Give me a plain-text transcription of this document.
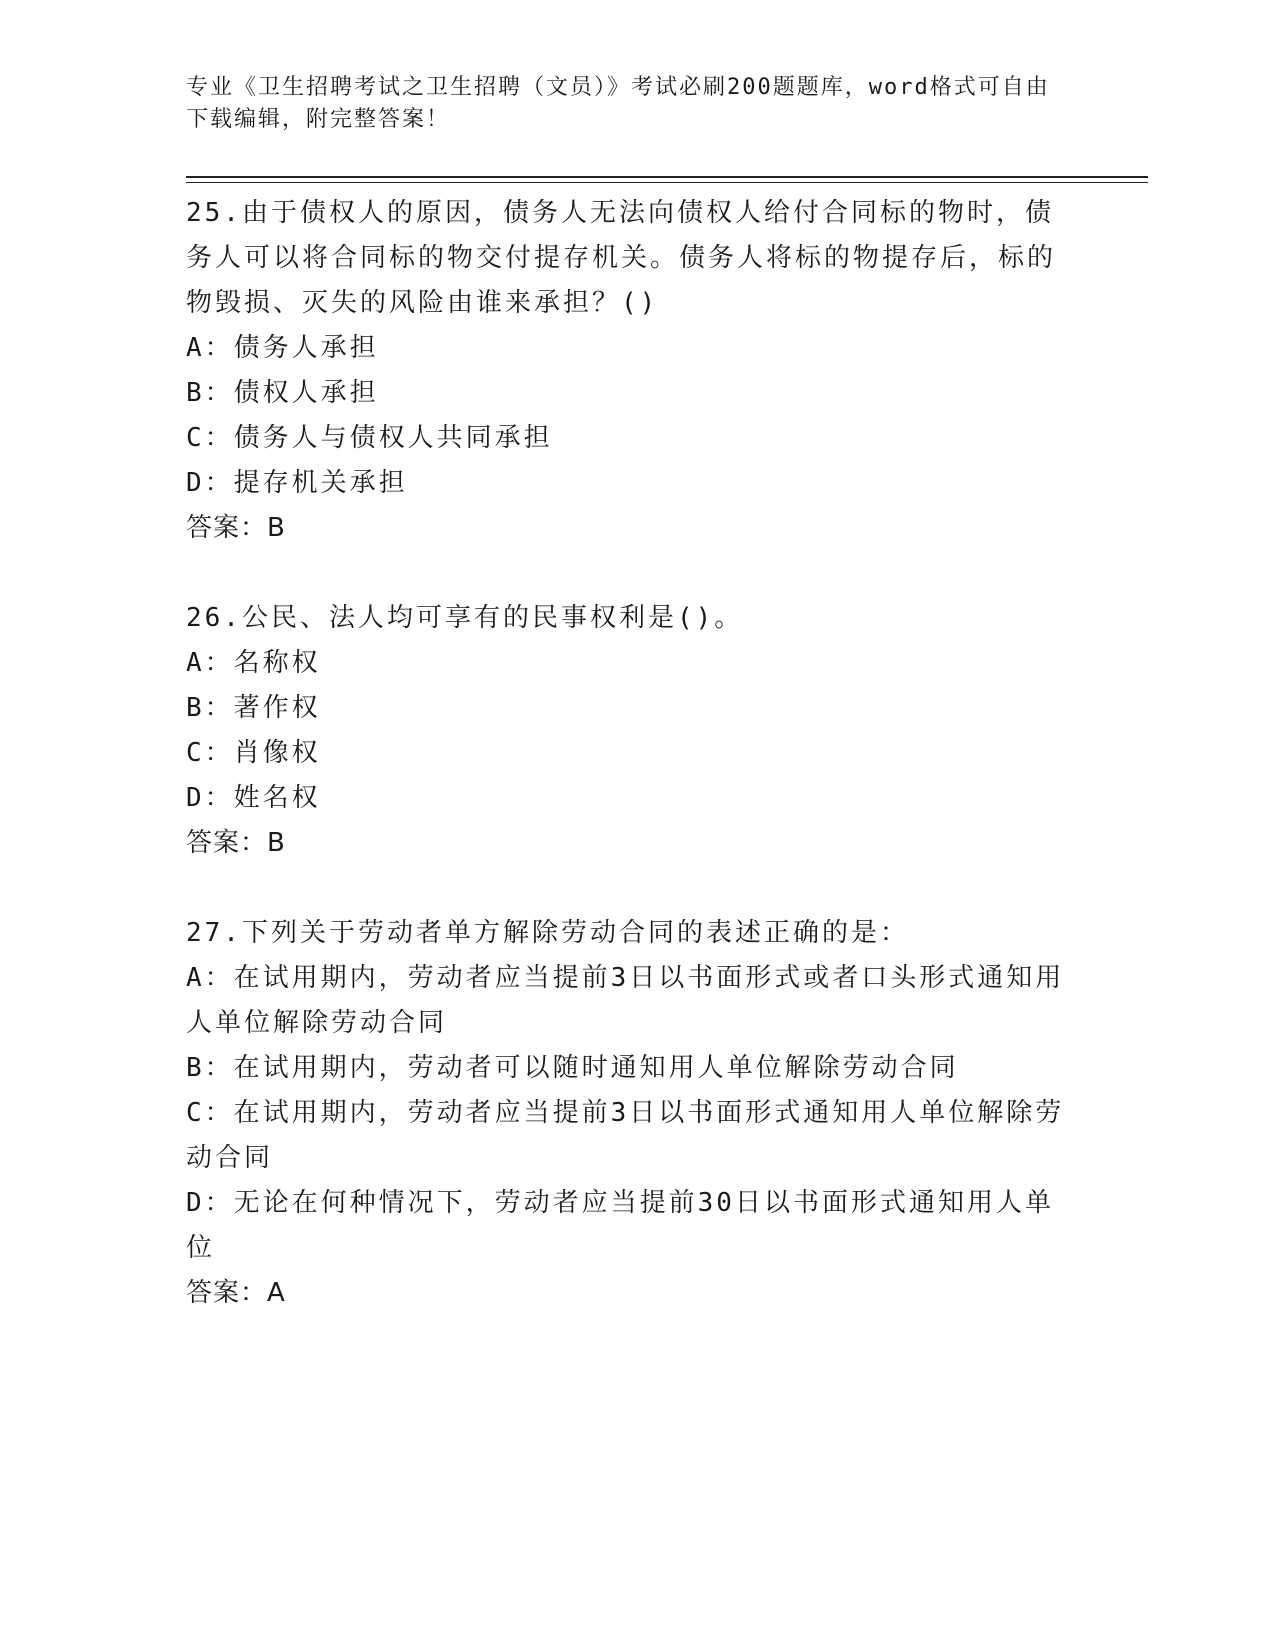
专业《卫生招聘考试之卫生招聘（文员）》考试必刷200题题库，word格式可自由下载编辑，附完整答案！
25.由于债权人的原因，债务人无法向债权人给付合同标的物时，债务人可以将合同标的物交付提存机关。债务人将标的物提存后，标的物毁损、灭失的风险由谁来承担？()
A：债务人承担
B：债权人承担
C：债务人与债权人共同承担
D：提存机关承担
答案：B
26.公民、法人均可享有的民事权利是()。
A：名称权
B：著作权
C：肖像权
D：姓名权
答案：B
27.下列关于劳动者单方解除劳动合同的表述正确的是：
A：在试用期内，劳动者应当提前3日以书面形式或者口头形式通知用人单位解除劳动合同
B：在试用期内，劳动者可以随时通知用人单位解除劳动合同
C：在试用期内，劳动者应当提前3日以书面形式通知用人单位解除劳动合同
D：无论在何种情况下，劳动者应当提前30日以书面形式通知用人单位
答案：A
